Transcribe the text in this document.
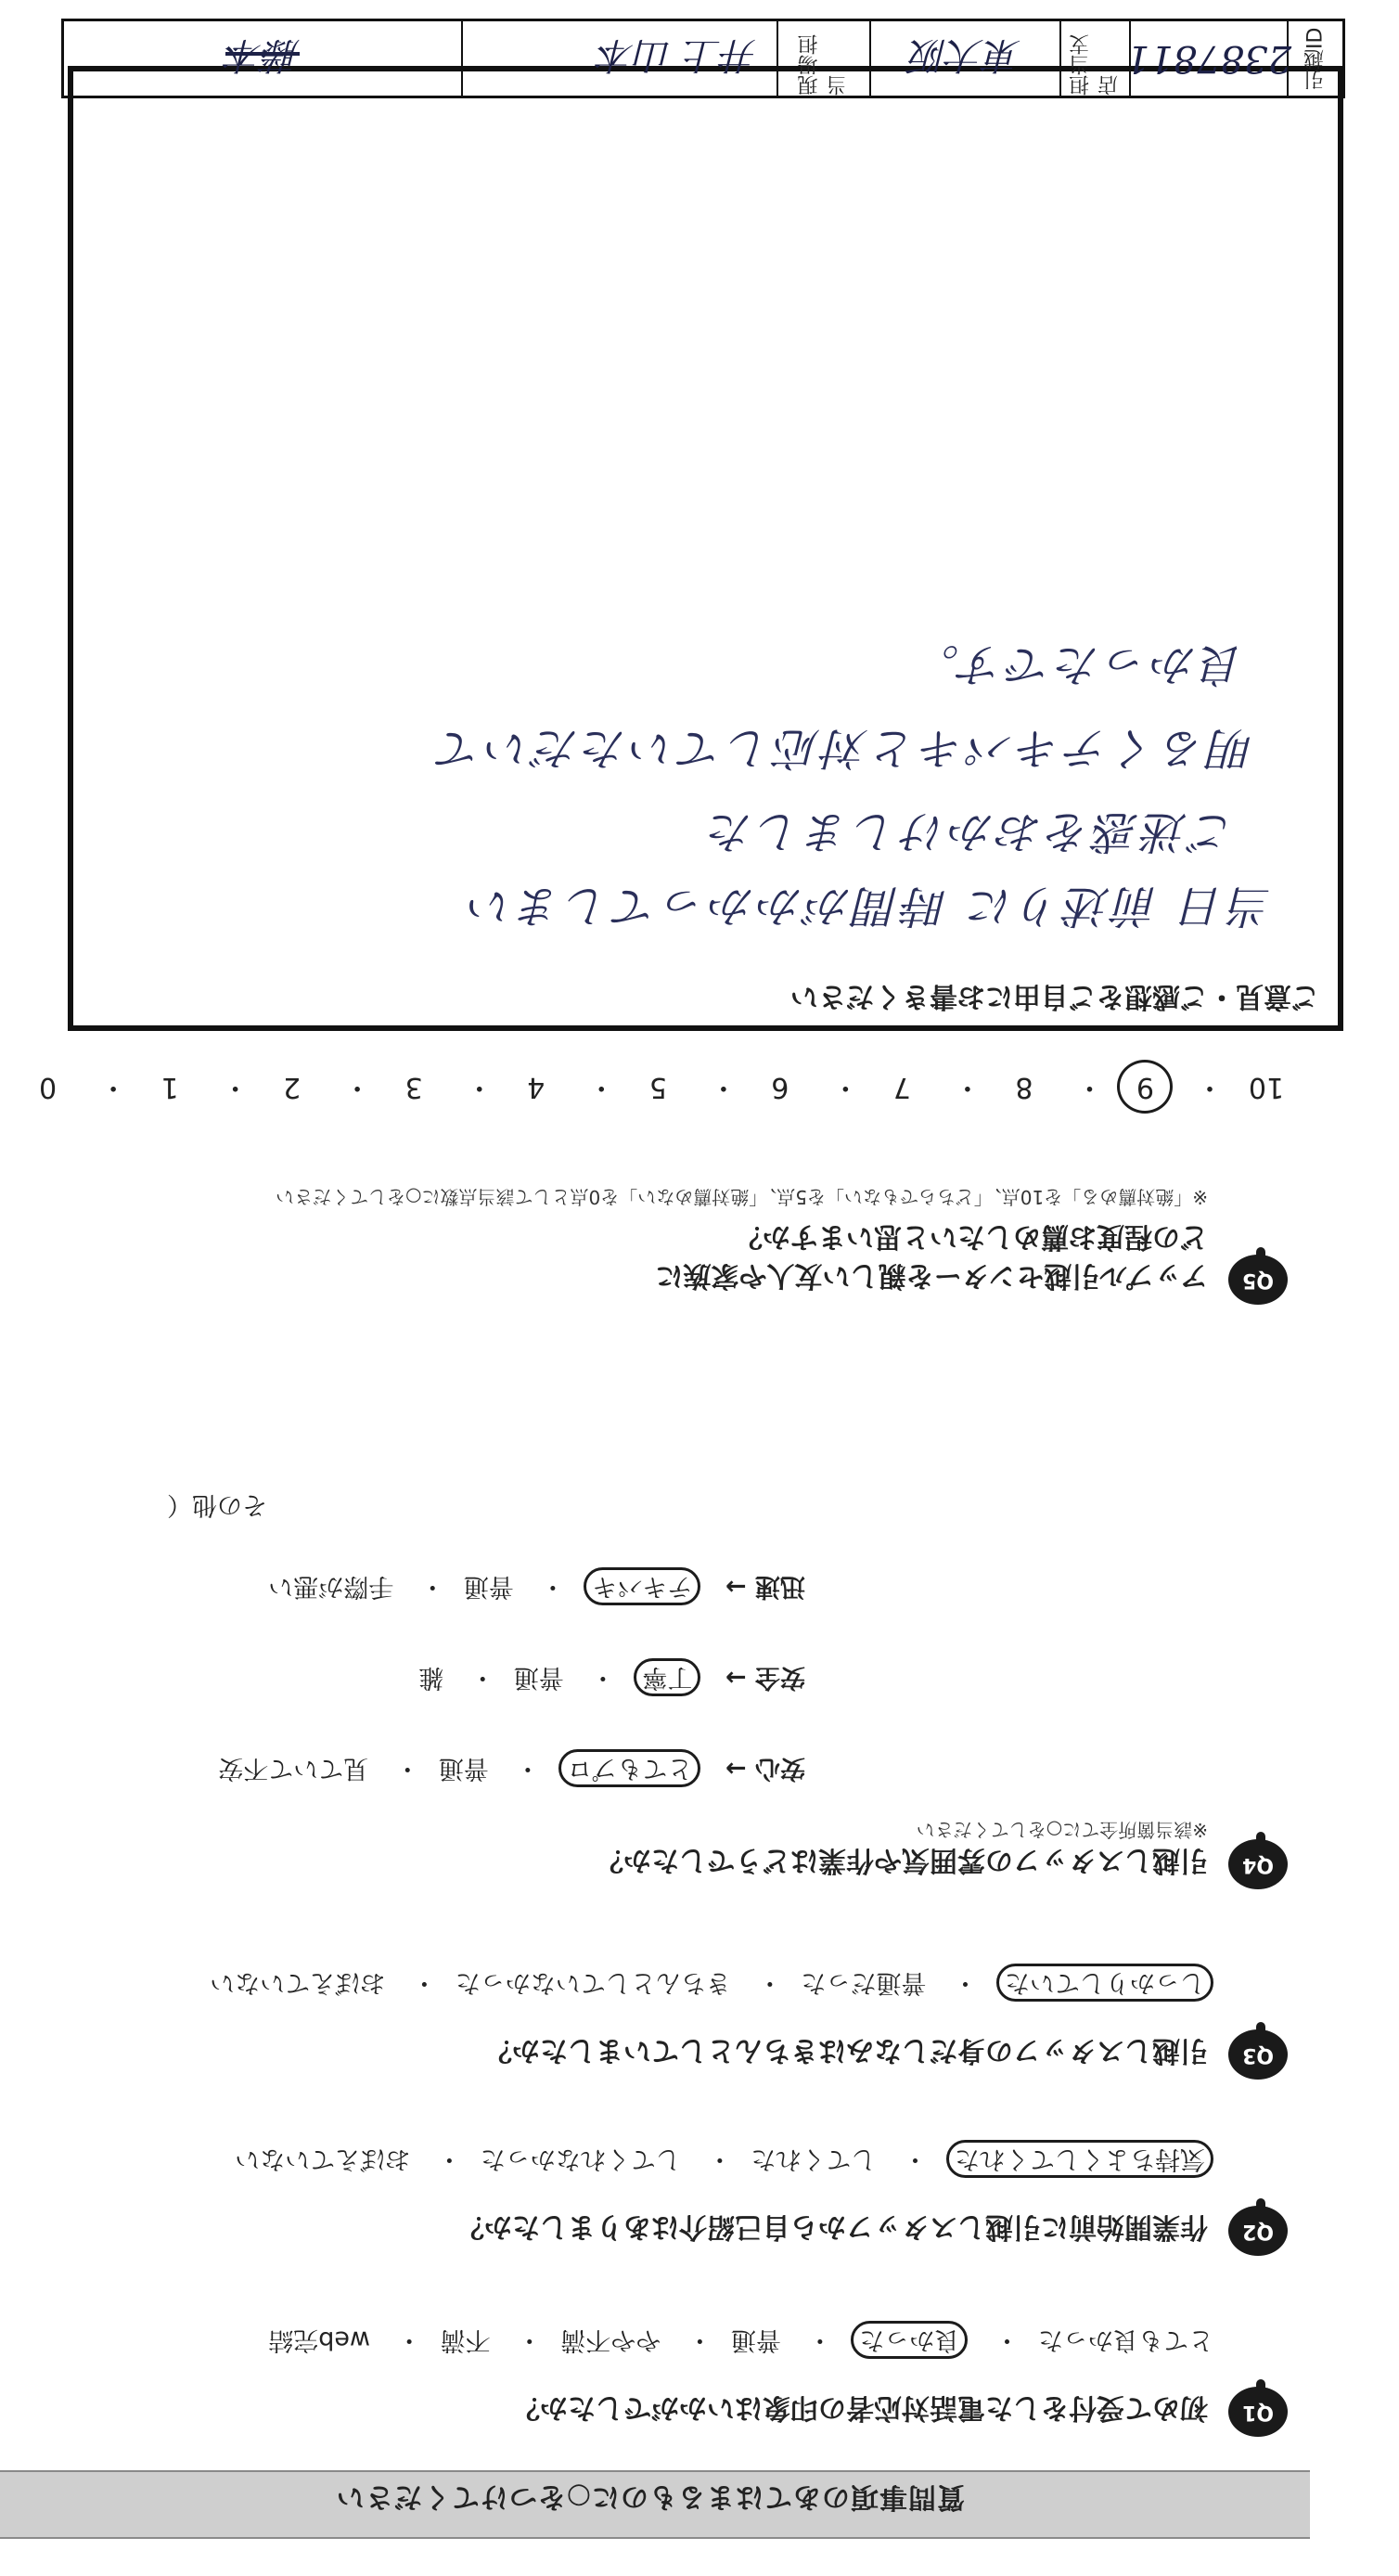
質問事項のあてはまるものに○をつけてください
Q1
初めて受付をした電話対応者の印象はいかがでしたか？
とても良かった・ 良かった・ 普通・ やや不満・ 不満・ web完結
Q2
作業開始前に引越しスタッフから自己紹介はありましたか？
気持ちよくしてくれた・ してくれた・ してくれなかった・ おぼえていない
Q3
引越しスタッフの身だしなみはきちんとしていましたか？
しっかりしていた・ 普通だった・ きちんとしていなかった・ おぼえていない
Q4
引越しスタッフの雰囲気や作業はどうでしたか？
※該当箇所全てに○をしてください
安心 → とてもプロ・ 普通・ 見ていて不安
安全 → 丁寧・ 普通・ 雑
迅速 → テキパキ・ 普通・ 手際が悪い
その他（
Q5
アップル引越センターを親しい友人や家族に
どの程度お薦めしたいと思いますか？
※「絶対薦める」を10点、「どちらでもない」を5点、「絶対薦めない」を0点として該当点数に○をしてください
10・ 9・ 8・ 7・ 6・ 5・ 4・ 3・ 2・ 1・ 0
ご意見・ご感想をご自由にお書きください
当日 前述りに 時間がかかってしまい
ご迷惑をおかけしました
明るくテキパキと対応していただいて
良かったです。
引越ID
2387811
担当支店
東大阪
現場担当
井上 山本
藤本
